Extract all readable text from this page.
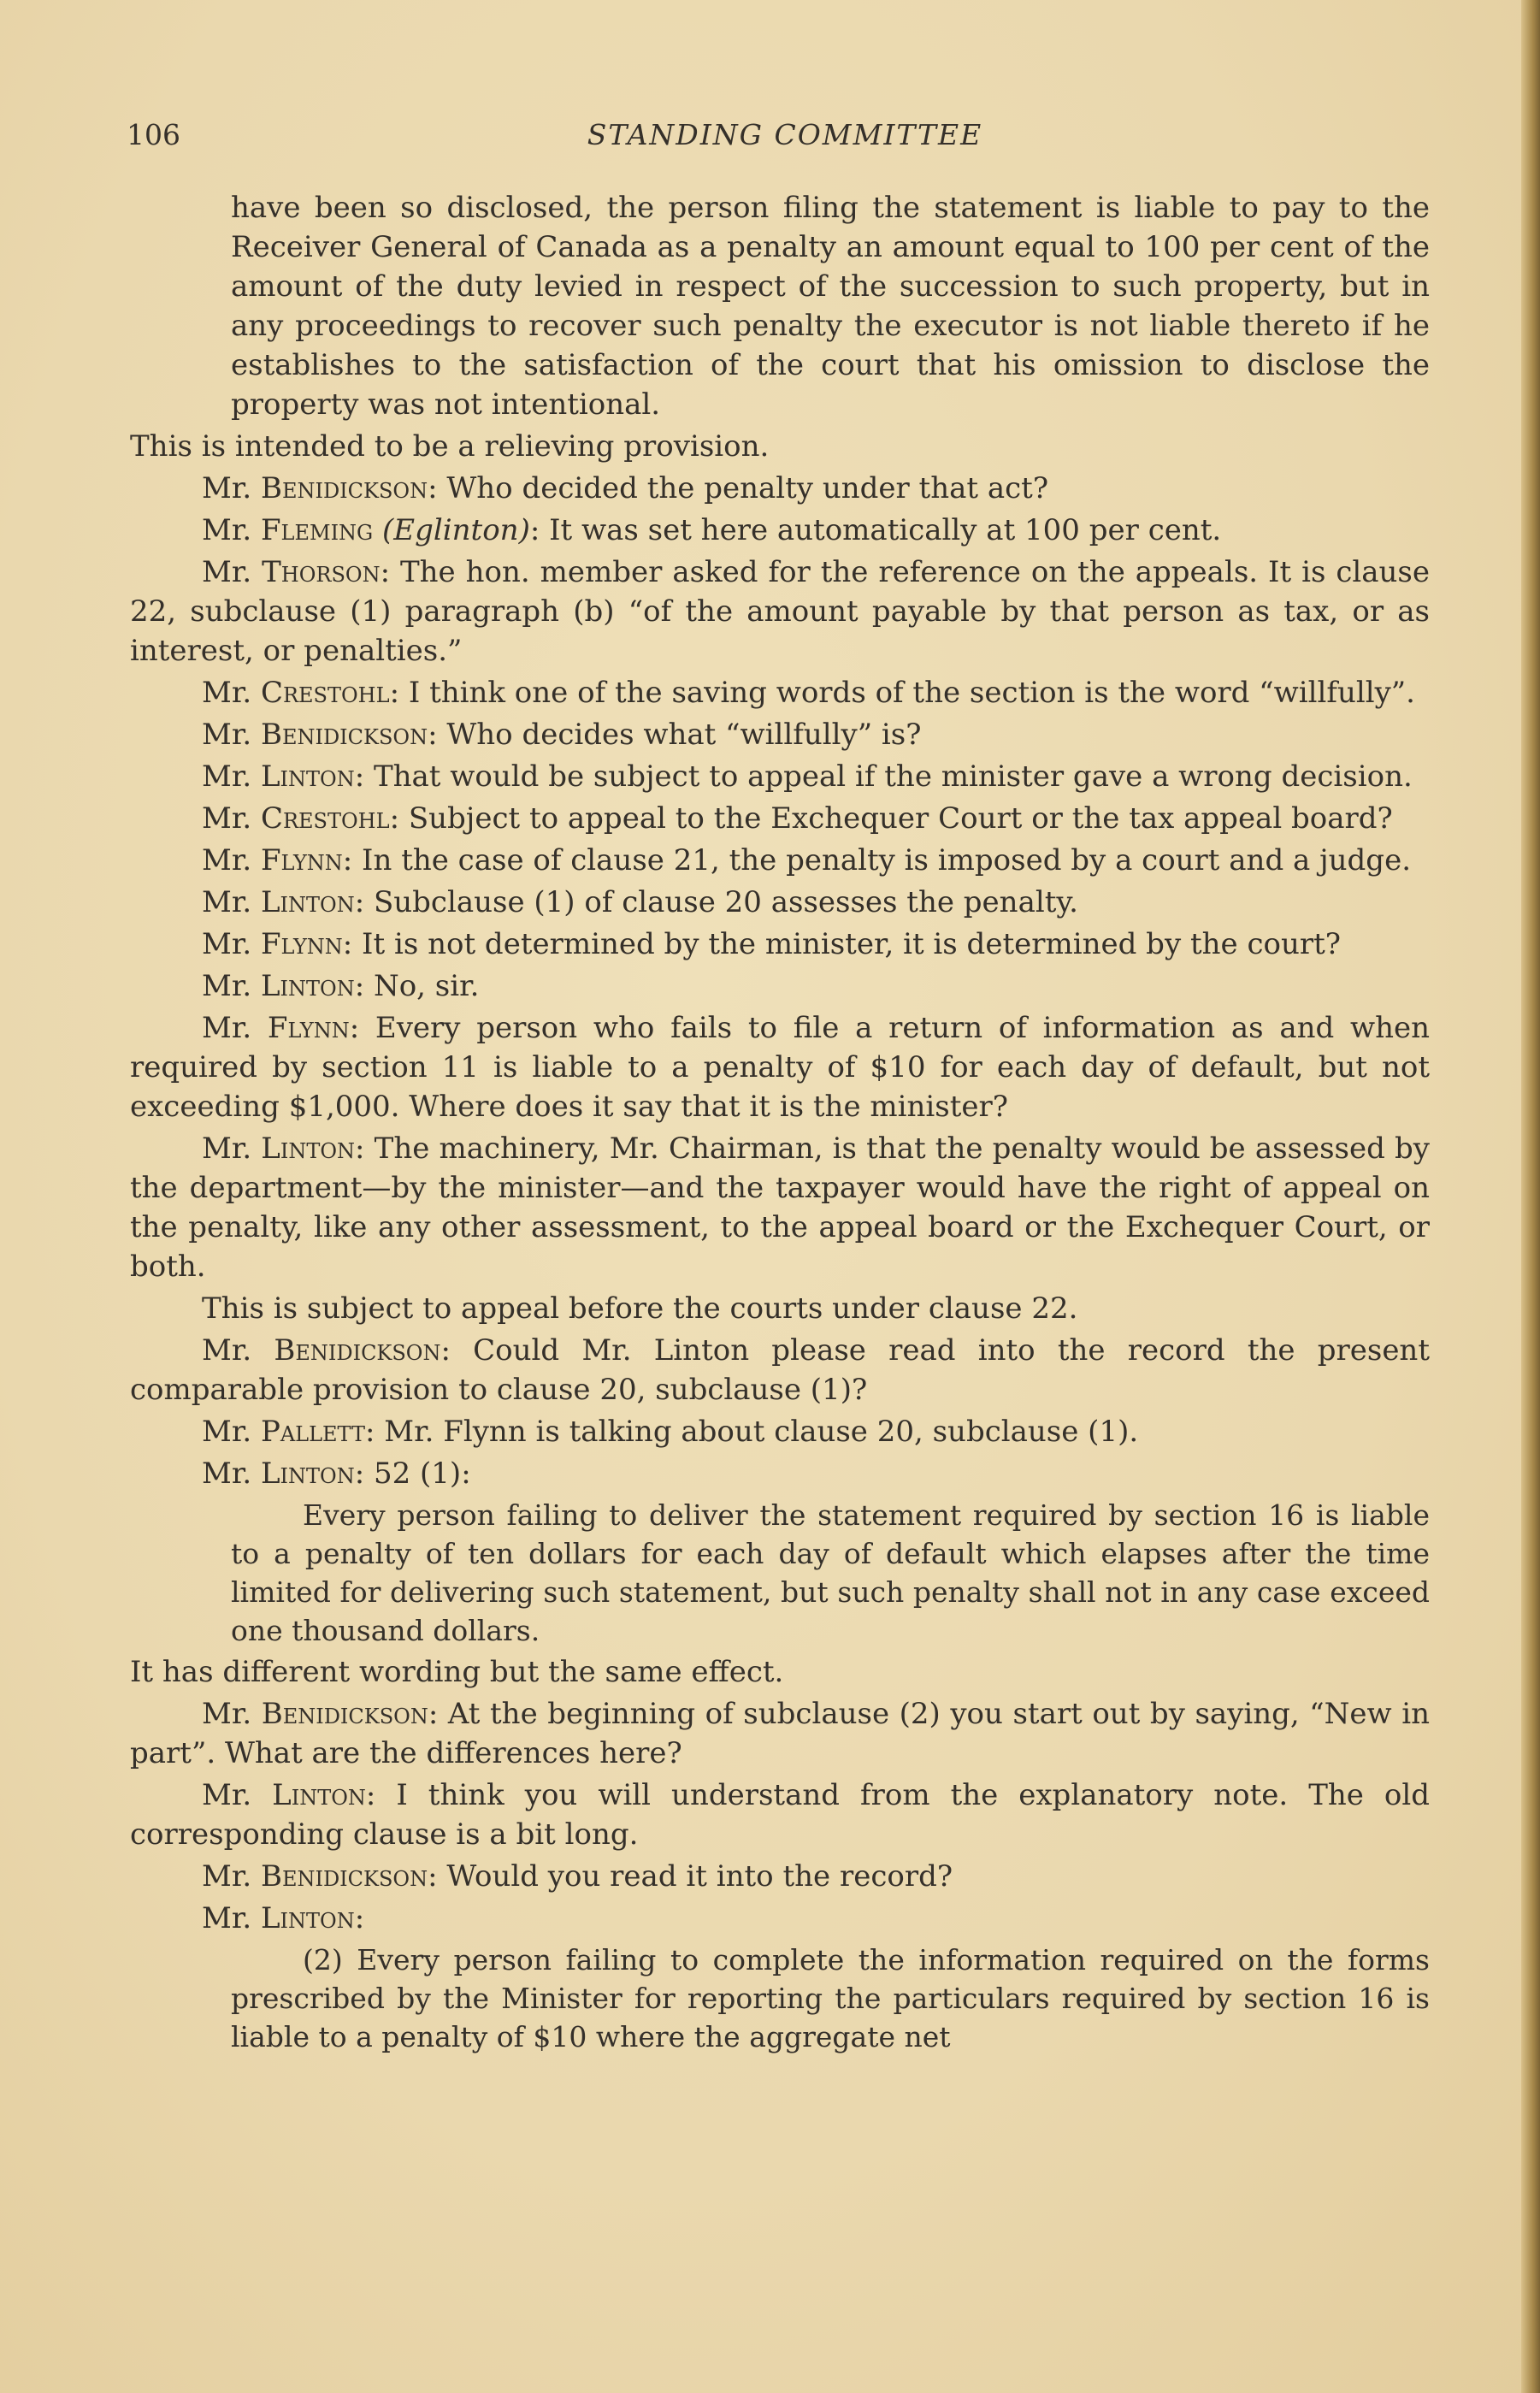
106	STANDING COMMITTEE

have been so disclosed, the person filing the statement is liable to pay to the Receiver General of Canada as a penalty an amount equal to 100 per cent of the amount of the duty levied in respect of the succession to such property, but in any proceedings to recover such penalty the executor is not liable thereto if he establishes to the satisfaction of the court that his omission to disclose the property was not intentional.

This is intended to be a relieving provision.

Mr. Benidickson: Who decided the penalty under that act?

Mr. Fleming (Eglinton): It was set here automatically at 100 per cent.

Mr. Thorson: The hon. member asked for the reference on the appeals. It is clause 22, subclause (1) paragraph (b) “of the amount payable by that person as tax, or as interest, or penalties.”

Mr. Crestohl: I think one of the saving words of the section is the word “willfully”.

Mr. Benidickson: Who decides what “willfully” is?

Mr. Linton: That would be subject to appeal if the minister gave a wrong decision.

Mr. Crestohl: Subject to appeal to the Exchequer Court or the tax appeal board?

Mr. Flynn: In the case of clause 21, the penalty is imposed by a court and a judge.

Mr. Linton: Subclause (1) of clause 20 assesses the penalty.

Mr. Flynn: It is not determined by the minister, it is determined by the court?

Mr. Linton: No, sir.

Mr. Flynn: Every person who fails to file a return of information as and when required by section 11 is liable to a penalty of $10 for each day of default, but not exceeding $1,000. Where does it say that it is the minister?

Mr. Linton: The machinery, Mr. Chairman, is that the penalty would be assessed by the department—by the minister—and the taxpayer would have the right of appeal on the penalty, like any other assessment, to the appeal board or the Exchequer Court, or both.

This is subject to appeal before the courts under clause 22.

Mr. Benidickson: Could Mr. Linton please read into the record the present comparable provision to clause 20, subclause (1)?

Mr. Pallett: Mr. Flynn is talking about clause 20, subclause (1).

Mr. Linton: 52 (1):

Every person failing to deliver the statement required by section 16 is liable to a penalty of ten dollars for each day of default which elapses after the time limited for delivering such statement, but such penalty shall not in any case exceed one thousand dollars.

It has different wording but the same effect.

Mr. Benidickson: At the beginning of subclause (2) you start out by saying, “New in part”. What are the differences here?

Mr. Linton: I think you will understand from the explanatory note. The old corresponding clause is a bit long.

Mr. Benidickson: Would you read it into the record?

Mr. Linton:

(2) Every person failing to complete the information required on the forms prescribed by the Minister for reporting the particulars required by section 16 is liable to a penalty of $10 where the aggregate net
